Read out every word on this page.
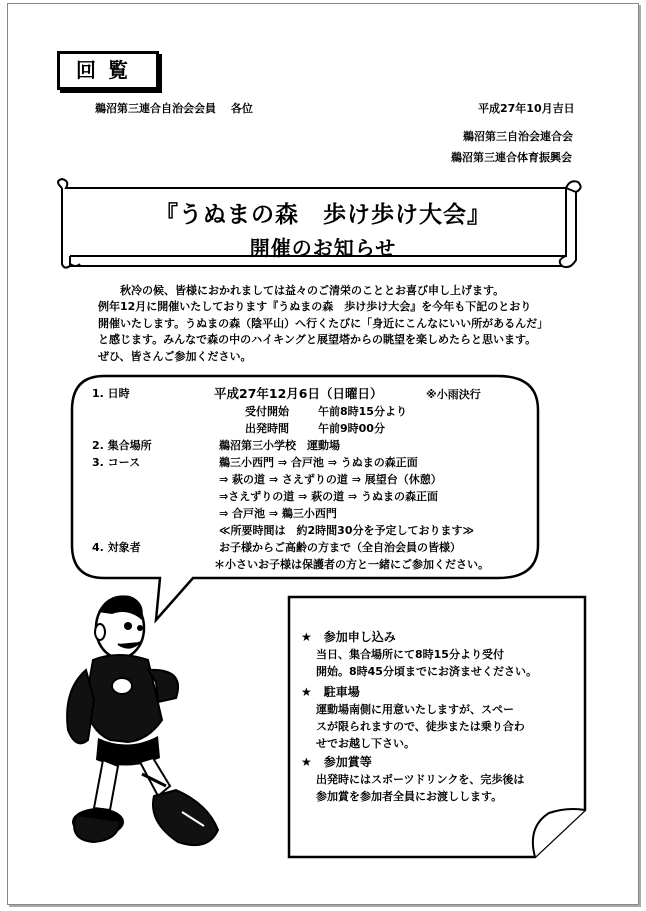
回覧
鵜沼第三連合自治会会員　 各位	平成27年10月吉日
鵜沼第三自治会連合会
鵜沼第三連合体育振興会
『うぬまの森　歩け歩け大会』
開催のお知らせ
秋冷の候、皆様におかれましては益々のご清栄のこととお喜び申し上げます。
例年12月に開催いたしております『うぬまの森　歩け歩け大会』を今年も下記のとおり
開催いたします。うぬまの森（陰平山）へ行くたびに「身近にこんなにいい所があるんだ」
と感じます。みんなで森の中のハイキングと展望塔からの眺望を楽しめたらと思います。
ぜひ、皆さんご参加ください。
1. 日時	平成27年12月6日（日曜日）	※小雨決行
受付開始	午前8時15分より
出発時間	午前9時00分
2. 集合場所	鵜沼第三小学校　運動場
3. コース	鵜三小西門 ⇒ 合戸池 ⇒ うぬまの森正面
⇒ 萩の道 ⇒ さえずりの道 ⇒ 展望台（休憩）
⇒さえずりの道 ⇒ 萩の道 ⇒ うぬまの森正面
⇒ 合戸池 ⇒ 鵜三小西門
≪所要時間は　約2時間30分を予定しております≫
4. 対象者	お子様からご高齢の方まで（全自治会員の皆様）
＊小さいお子様は保護者の方と一緒にご参加ください。
★　参加申し込み
当日、集合場所にて8時15分より受付
開始。8時45分頃までにお済ませください。
★　駐車場
運動場南側に用意いたしますが、スペー
スが限られますので、徒歩または乗り合わ
せでお越し下さい。
★　参加賞等
出発時にはスポーツドリンクを、完歩後は
参加賞を参加者全員にお渡しします。
